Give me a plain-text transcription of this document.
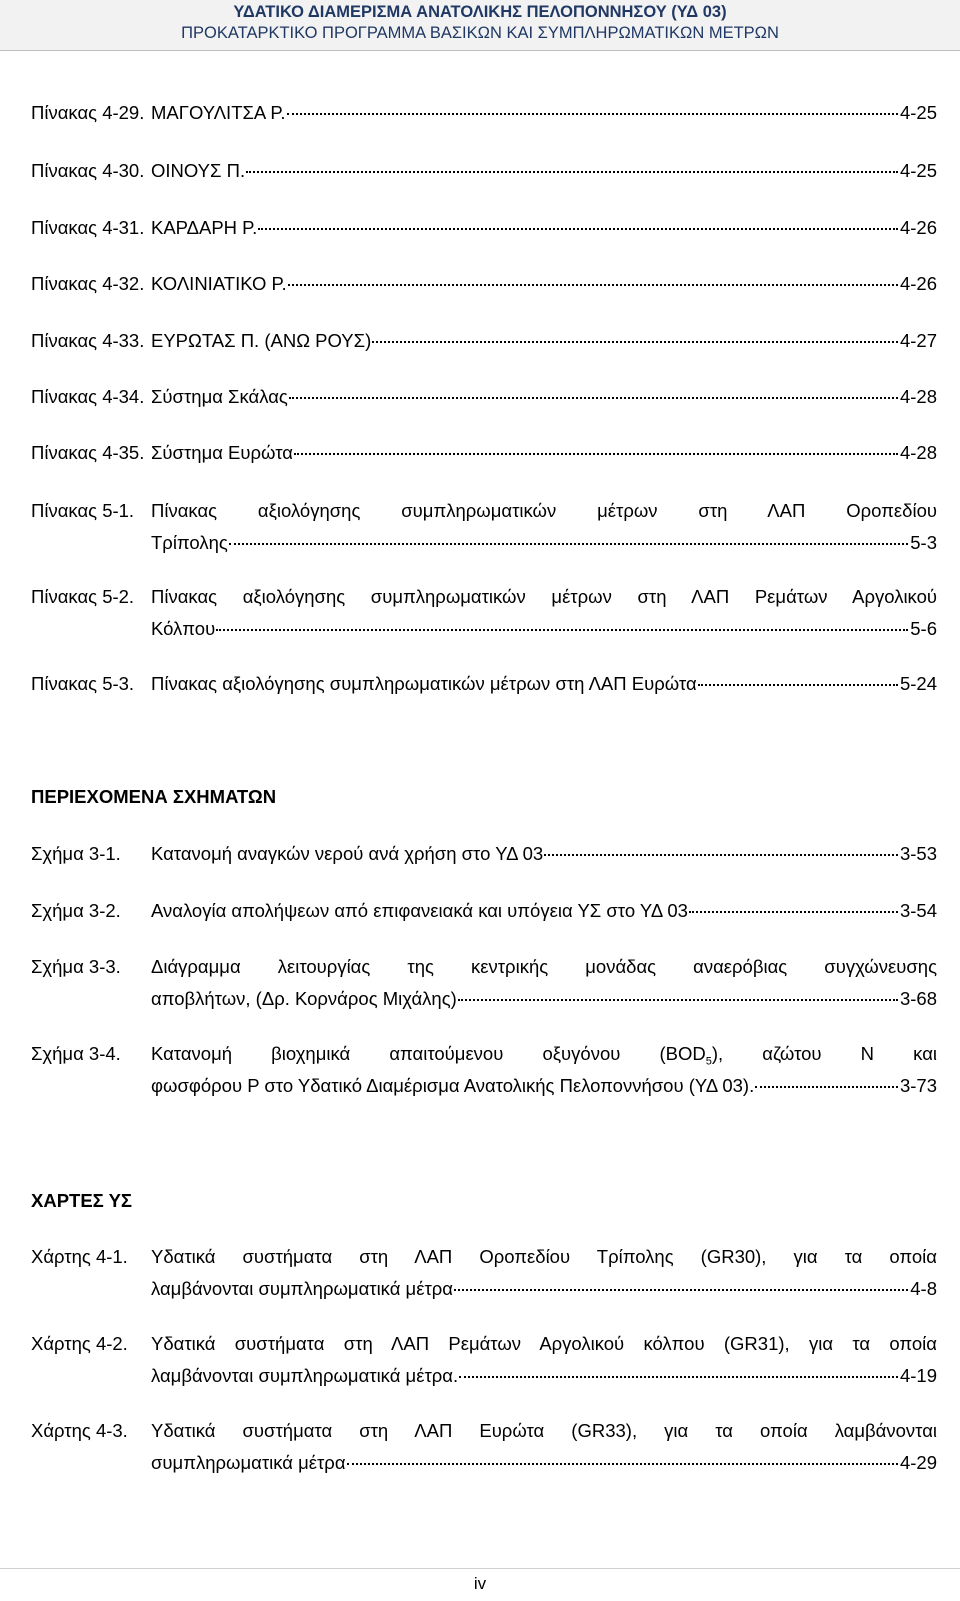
ΥΔΑΤΙΚΟ ΔΙΑΜΕΡΙΣΜΑ ΑΝΑΤΟΛΙΚΗΣ ΠΕΛΟΠΟΝΝΗΣΟΥ (ΥΔ 03)
ΠΡΟΚΑΤΑΡΚΤΙΚΟ ΠΡΟΓΡΑΜΜΑ ΒΑΣΙΚΩΝ ΚΑΙ ΣΥΜΠΛΗΡΩΜΑΤΙΚΩΝ ΜΕΤΡΩΝ
Πίνακας 4-29. ΜΑΓΟΥΛΙΤΣΑ Ρ.	4-25
Πίνακας 4-30. ΟΙΝΟΥΣ Π.	4-25
Πίνακας 4-31. ΚΑΡΔΑΡΗ Ρ.	4-26
Πίνακας 4-32. ΚΟΛΙΝΙΑΤΙΚΟ Ρ.	4-26
Πίνακας 4-33. ΕΥΡΩΤΑΣ Π. (ΑΝΩ ΡΟΥΣ)	4-27
Πίνακας 4-34. Σύστημα Σκάλας	4-28
Πίνακας 4-35. Σύστημα Ευρώτα	4-28
Πίνακας 5-1. Πίνακας αξιολόγησης συμπληρωματικών μέτρων στη ΛΑΠ Οροπεδίου
Τρίπολης	5-3
Πίνακας 5-2. Πίνακας αξιολόγησης συμπληρωματικών μέτρων στη ΛΑΠ Ρεμάτων Αργολικού
Κόλπου	5-6
Πίνακας 5-3. Πίνακας αξιολόγησης συμπληρωματικών μέτρων στη ΛΑΠ Ευρώτα	5-24
ΠΕΡΙΕΧΟΜΕΝΑ ΣΧΗΜΑΤΩΝ
Σχήμα 3-1. Κατανομή αναγκών νερού ανά χρήση στο ΥΔ 03	3-53
Σχήμα 3-2. Αναλογία απολήψεων από επιφανειακά και υπόγεια ΥΣ στο ΥΔ 03	3-54
Σχήμα 3-3. Διάγραμμα λειτουργίας της κεντρικής μονάδας αναερόβιας συγχώνευσης
αποβλήτων, (Δρ. Κορνάρος Μιχάλης)	3-68
Σχήμα 3-4. Κατανομή βιοχημικά απαιτούμενου οξυγόνου $(BOD_5)$, αζώτου Ν και
φωσφόρου Ρ στο Υδατικό Διαμέρισμα Ανατολικής Πελοποννήσου (ΥΔ 03).	3-73
ΧΑΡΤΕΣ ΥΣ
Χάρτης 4-1. Υδατικά συστήματα στη ΛΑΠ Οροπεδίου Τρίπολης (GR30), για τα οποία
λαμβάνονται συμπληρωματικά μέτρα	4-8
Χάρτης 4-2. Υδατικά συστήματα στη ΛΑΠ Ρεμάτων Αργολικού κόλπου (GR31), για τα οποία
λαμβάνονται συμπληρωματικά μέτρα.	4-19
Χάρτης 4-3. Υδατικά συστήματα στη ΛΑΠ Ευρώτα (GR33), για τα οποία λαμβάνονται
συμπληρωματικά μέτρα	4-29
iv
